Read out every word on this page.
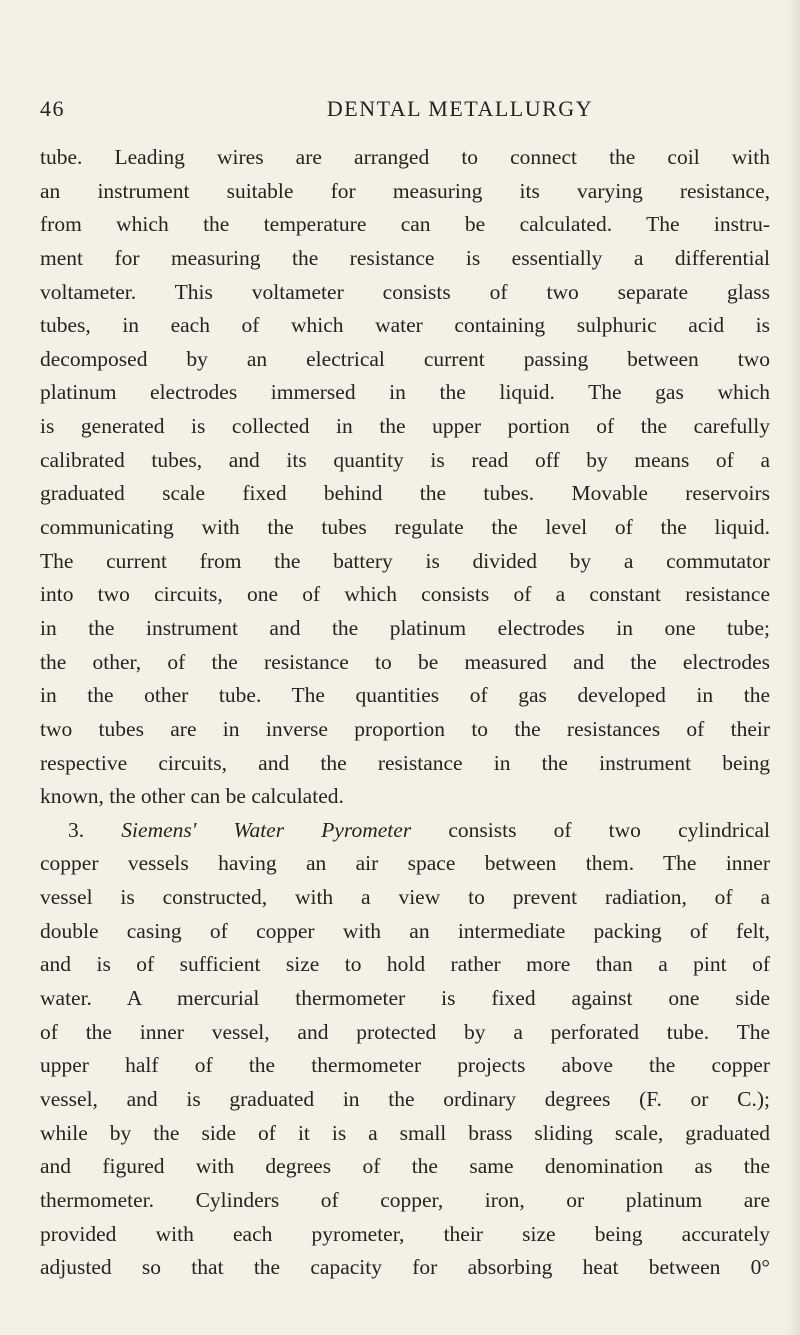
46	DENTAL METALLURGY
tube. Leading wires are arranged to connect the coil with
an instrument suitable for measuring its varying resistance,
from which the temperature can be calculated. The instru-
ment for measuring the resistance is essentially a differential
voltameter. This voltameter consists of two separate glass
tubes, in each of which water containing sulphuric acid is
decomposed by an electrical current passing between two
platinum electrodes immersed in the liquid. The gas which
is generated is collected in the upper portion of the carefully
calibrated tubes, and its quantity is read off by means of a
graduated scale fixed behind the tubes. Movable reservoirs
communicating with the tubes regulate the level of the liquid.
The current from the battery is divided by a commutator
into two circuits, one of which consists of a constant resistance
in the instrument and the platinum electrodes in one tube;
the other, of the resistance to be measured and the electrodes
in the other tube. The quantities of gas developed in the
two tubes are in inverse proportion to the resistances of their
respective circuits, and the resistance in the instrument being
known, the other can be calculated.
3. Siemens' Water Pyrometer consists of two cylindrical
copper vessels having an air space between them. The inner
vessel is constructed, with a view to prevent radiation, of a
double casing of copper with an intermediate packing of felt,
and is of sufficient size to hold rather more than a pint of
water. A mercurial thermometer is fixed against one side
of the inner vessel, and protected by a perforated tube. The
upper half of the thermometer projects above the copper
vessel, and is graduated in the ordinary degrees (F. or C.);
while by the side of it is a small brass sliding scale, graduated
and figured with degrees of the same denomination as the
thermometer. Cylinders of copper, iron, or platinum are
provided with each pyrometer, their size being accurately
adjusted so that the capacity for absorbing heat between 0°
